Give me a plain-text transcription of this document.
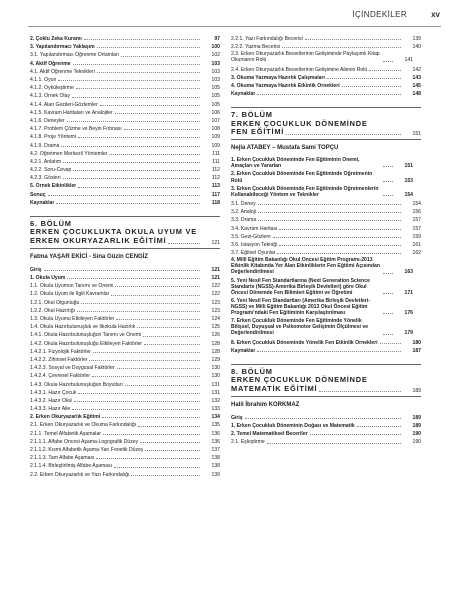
İÇİNDEKİLER	xv
2. Çoklu Zeka Kuramı	97
3. Yapılandırmacı Yaklaşım	100
3.1. Yapılandırmacı Öğrenme Ortamları	102
4. Aktif Öğrenme	103
4.1. Aktif Öğrenme Teknikleri	103
4.1.1. Oyun	103
4.1.2. Öyküleştirme	105
4.1.3. Örnek Olay	105
4.1.4. Alan Gezileri-Gözlemler	105
4.1.5. Kavram Haritaları ve Analojiler	106
4.1.6. Deneyler	107
4.1.7. Problem Çözme ve Beyin Fırtınası	108
4.1.8. Proje Yöntemi	109
4.1.9. Drama	109
4.2. Öğretmen Merkezli Yöntemler	111
4.2.1. Anlatım	111
4.2.2. Soru-Cevap	112
4.2.3. Gösteri	112
5. Örnek Etkinlikler	113
Sonuç	117
Kaynaklar	118
6. BÖLÜM
ERKEN ÇOCUKLUKTA OKULA UYUM VE
ERKEN OKURYAZARLIK EĞİTİMİ	121
Fatma YAŞAR EKİCİ - Sina Güzin CENGİZ
Giriş	121
1. Okula Uyum	121
1.1. Okula Uyumun Tanımı ve Önemi	122
1.2. Okula Uyum ile İlgili Kavramlar	122
1.2.1. Okul Olgunluğu	123
1.2.2. Okul Hazırlığı	123
1.3. Okula Uyumu Etkileyen Faktörler	124
1.4. Okula Hazırbulunuşluk ve İlkokula Hazırlık	125
1.4.1. Okula Hazırbulunuşluğun Tanımı ve Önemi	126
1.4.2. Okula Hazırbulunuşluğu Etkileyen Faktörler	128
1.4.2.1. Fizyolojik Faktörler	128
1.4.2.2. Zihinsel Faktörler	129
1.4.2.3. Sosyal ve Duygusal Faktörler	130
1.4.2.4. Çevresel Faktörler	130
1.4.3. Okula Hazırbulunuşluğun Boyutları	131
1.4.3.1. Hazır Çocuk	131
1.4.3.2. Hazır Okul	132
1.4.3.3. Hazır Aile	133
2. Erken Okuryazarlık Eğitimi	134
2.1. Erken Okuryazarlık ve Okuma Farkındalığı	135
2.1.1. Temel Alfabetik Aşamalar	136
2.1.1.1. Alfabe Öncesi Aşama-Logografik Düzey	136
2.1.1.2. Kısmi Alfabetik Aşama-Yarı Fonetik Düzey	137
2.1.1.3. Tam Alfabe Aşaması	138
2.1.1.4. Birleştirilmiş Alfabe Aşaması	138
2.2. Erken Okuryazarlık ve Yazı Farkındalığı	139
2.2.1. Yazı Farkındalığı Becerisi	139
2.2.2. Yazma Becerisi	140
2.3. Erken Okuryazarlık Becerilerinin Gelişiminde Paylaşımlı Kitap Okumanın Rolü	141
2.4. Erken Okuryazarlık Becerilerinin Gelişimine Ailenin Rolü	142
3. Okuma Yazmaya Hazırlık Çalışmaları	143
4. Okuma Yazmaya Hazırlık Etkinlik Örnekleri	145
Kaynaklar	148
7. BÖLÜM
ERKEN ÇOCUKLUK DÖNEMİNDE
FEN EĞİTİMİ	151
Nejla ATABEY – Mustafa Sami TOPÇU
1. Erken Çocukluk Döneminde Fen Eğitiminin Önemi, Amaçları ve Yararları	151
2. Erken Çocukluk Döneminde Fen Eğitiminde Öğretmenin Rolü	153
3. Erken Çocukluk Döneminde Fen Eğitiminde Öğretmenlerin Kullanabileceği Yöntem ve Teknikler	154
3.1. Deney	154
3.2. Analoji	156
3.3. Drama	157
3.4. Kavram Haritası	157
3.5. Gezi-Gözlem	159
3.6. İstasyon Tekniği	161
3.7. Eğitsel Oyunlar	162
4. Milli Eğitim Bakanlığı Okul Öncesi Eğitim Programı-2013 Etkinlik Kitabında Yer Alan Etkinliklerin Fen Eğitimi Açısından Değerlendirilmesi	163
5. Yeni Nesil Fen Standartlarına (Next Generation Science Standarts (NGSS)-Amerika Birleşik Devletleri) göre Okul Öncesi Dönemde Fen Bilimleri Eğitimi ve Öğretimi	171
6. Yeni Nesil Fen Standartları (Amerika Birleşik Devletleri-NGSS) ve Milli Eğitim Bakanlığı 2013 Okul Öncesi Eğitim Programı'ndaki Fen Eğitiminin Karşılaştırılması	176
7. Erken Çocukluk Döneminde Fen Eğitiminde Yönelik Bilişsel, Duyuşsal ve Psikomotor Gelişimin Ölçülmesi ve Değerlendirilmesi	179
8. Erken Çocukluk Döneminde Yönelik Fen Etkinlik Örnekleri	180
Kaynaklar	187
8. BÖLÜM
ERKEN ÇOCUKLUK DÖNEMİNDE
MATEMATİK EĞİTİMİ	189
Halil İbrahim KORKMAZ
Giriş	189
1. Erken Çocukluk Döneminin Doğası ve Matematik	189
2. Temel Matematiksel Beceriler	190
2.1. Eşleştirme	190
